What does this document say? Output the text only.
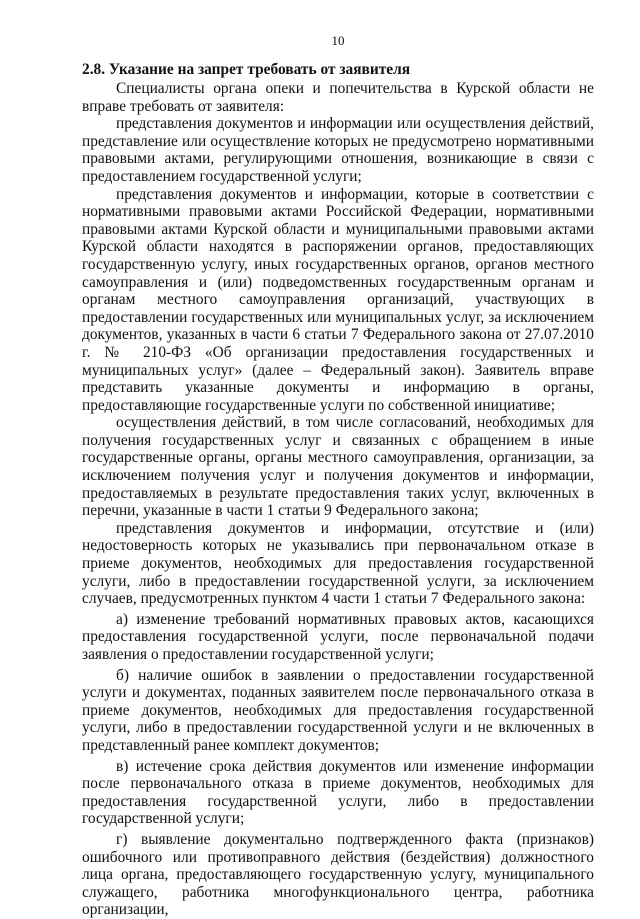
10
2.8. Указание на запрет требовать от заявителя

Специалисты органа опеки и попечительства в Курской области не вправе требовать от заявителя:

представления документов и информации или осуществления действий, представление или осуществление которых не предусмотрено нормативными правовыми актами, регулирующими отношения, возникающие в связи с предоставлением государственной услуги;

представления документов и информации, которые в соответствии с нормативными правовыми актами Российской Федерации, нормативными правовыми актами Курской области и муниципальными правовыми актами Курской области находятся в распоряжении органов, предоставляющих государственную услугу, иных государственных органов, органов местного самоуправления и (или) подведомственных государственным органам и органам местного самоуправления организаций, участвующих в предоставлении государственных или муниципальных услуг, за исключением документов, указанных в части 6 статьи 7 Федерального закона от 27.07.2010 г. № 210-ФЗ «Об организации предоставления государственных и муниципальных услуг» (далее – Федеральный закон). Заявитель вправе представить указанные документы и информацию в органы, предоставляющие государственные услуги по собственной инициативе;

осуществления действий, в том числе согласований, необходимых для получения государственных услуг и связанных с обращением в иные государственные органы, органы местного самоуправления, организации, за исключением получения услуг и получения документов и информации, предоставляемых в результате предоставления таких услуг, включенных в перечни, указанные в части 1 статьи 9 Федерального закона;

представления документов и информации, отсутствие и (или) недостоверность которых не указывались при первоначальном отказе в приеме документов, необходимых для предоставления государственной услуги, либо в предоставлении государственной услуги, за исключением случаев, предусмотренных пунктом 4 части 1 статьи 7 Федерального закона:

а) изменение требований нормативных правовых актов, касающихся предоставления государственной услуги, после первоначальной подачи заявления о предоставлении государственной услуги;

б) наличие ошибок в заявлении о предоставлении государственной услуги и документах, поданных заявителем после первоначального отказа в приеме документов, необходимых для предоставления государственной услуги, либо в предоставлении государственной услуги и не включенных в представленный ранее комплект документов;

в) истечение срока действия документов или изменение информации после первоначального отказа в приеме документов, необходимых для предоставления государственной услуги, либо в предоставлении государственной услуги;

г) выявление документально подтвержденного факта (признаков) ошибочного или противоправного действия (бездействия) должностного лица органа, предоставляющего государственную услугу, муниципального служащего, работника многофункционального центра, работника организации,
